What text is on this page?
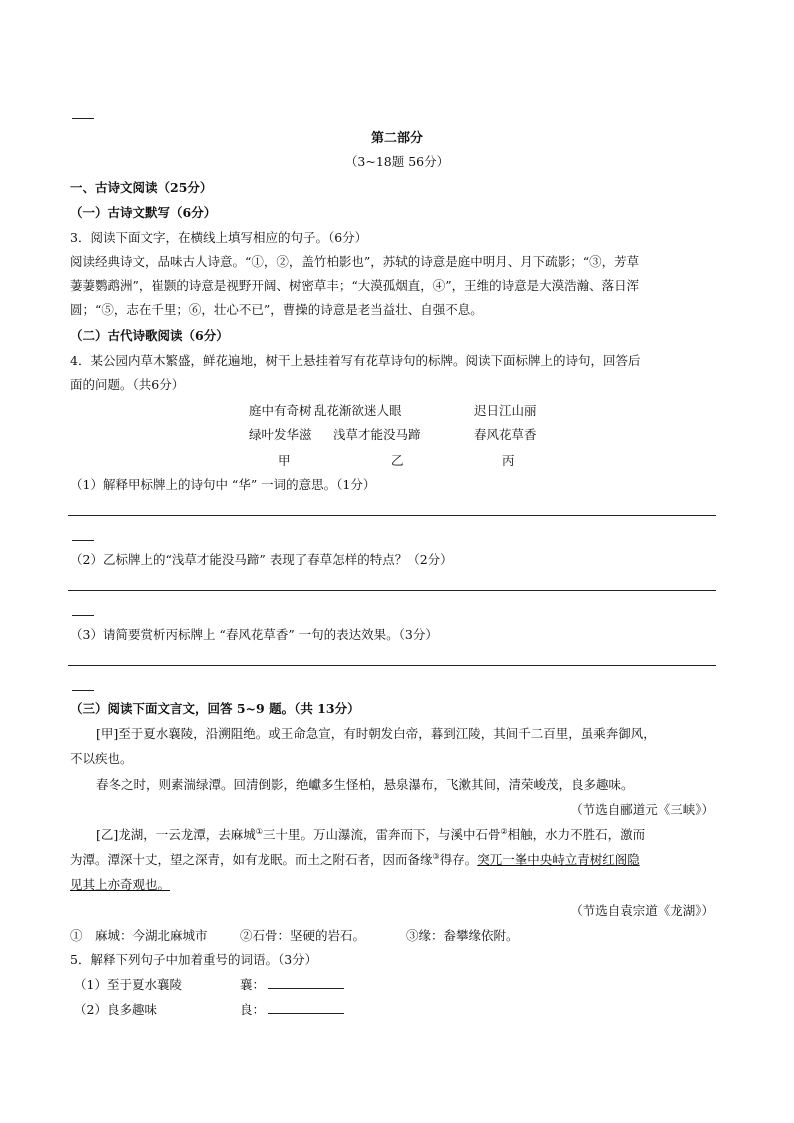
第二部分
（3~18题 56分）
一、古诗文阅读（25分）
（一）古诗文默写（6分）
3．阅读下面文字，在横线上填写相应的句子。（6分）
阅读经典诗文，品味古人诗意。“①，②，盖竹柏影也”，苏轼的诗意是庭中明月、月下疏影；“③，芳草
萋萋鹦鹉洲”，崔颢的诗意是视野开阔、树密草丰；“大漠孤烟直，④”，王维的诗意是大漠浩瀚、落日浑
圆；“⑤，志在千里；⑥，壮心不已”，曹操的诗意是老当益壮、自强不息。
（二）古代诗歌阅读（6分）
4．某公园内草木繁盛，鲜花遍地，树干上悬挂着写有花草诗句的标牌。阅读下面标牌上的诗句，回答后
面的问题。（共6分）
庭中有奇树 乱花渐欲迷人眼	迟日江山丽
绿叶发华滋 浅草才能没马蹄	春风花草香
甲	乙	丙
（1）解释甲标牌上的诗句中 “华” 一词的意思。（1分）
（2）乙标牌上的“浅草才能没马蹄” 表现了春草怎样的特点？（2分）
（3）请简要赏析丙标牌上 “春风花草香” 一句的表达效果。（3分）
（三）阅读下面文言文，回答 5~9 题。（共 13分）
[甲]至于夏水襄陵，沿溯阻绝。或王命急宣，有时朝发白帝，暮到江陵，其间千二百里，虽乘奔御风，
不以疾也。
春冬之时，则素湍绿潭。回清倒影，绝巘多生怪柏，悬泉瀑布，飞漱其间，清荣峻茂，良多趣味。
（节选自郦道元《三峡》）
[乙]龙湖，一云龙潭，去麻城①三十里。万山瀑流，雷奔而下，与溪中石骨②相触，水力不胜石，激而
为潭。潭深十丈，望之深青，如有龙眠。而土之附石者，因而备缘③得存。突兀一峯中央峙立青树红阁隐
见其上亦奇观也。
（节选自袁宗道《龙湖》）
①　麻城：今湖北麻城市	②石骨：坚硬的岩石。	③缘：畚攀缘依附。
5．解释下列句子中加着重号的词语。（3分）
（1）至于夏水襄陵	襄：
（2）良多趣味	良：
